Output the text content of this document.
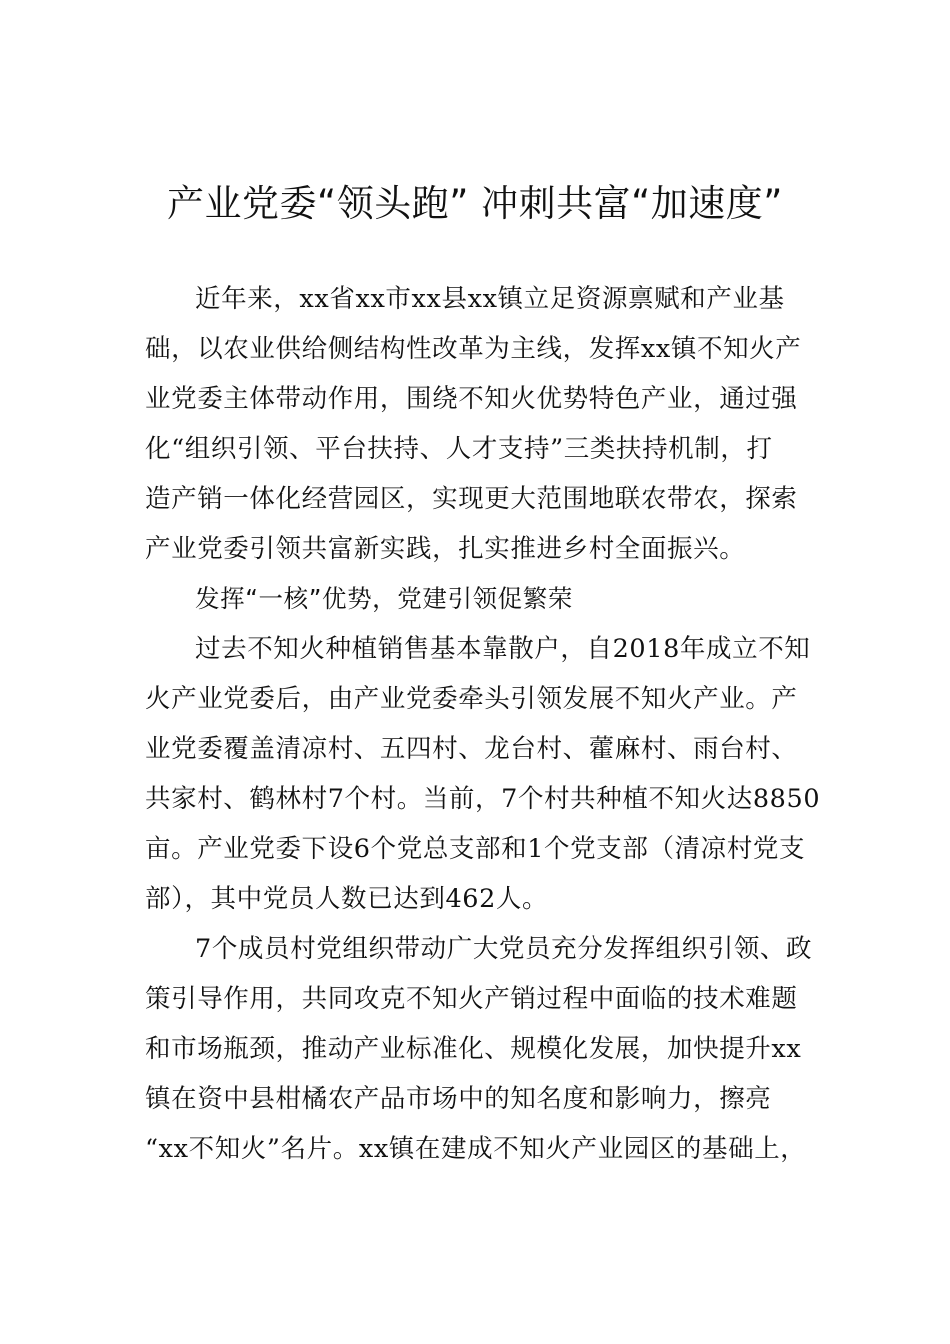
产业党委“领头跑” 冲刺共富“加速度”
近年来，xx省xx市xx县xx镇立足资源禀赋和产业基
础，以农业供给侧结构性改革为主线，发挥xx镇不知火产
业党委主体带动作用，围绕不知火优势特色产业，通过强
化“组织引领、平台扶持、人才支持”三类扶持机制，打
造产销一体化经营园区，实现更大范围地联农带农，探索
产业党委引领共富新实践，扎实推进乡村全面振兴。
发挥“一核”优势，党建引领促繁荣
过去不知火种植销售基本靠散户，自2018年成立不知
火产业党委后，由产业党委牵头引领发展不知火产业。产
业党委覆盖清凉村、五四村、龙台村、藿麻村、雨台村、
共家村、鹤林村7个村。当前，7个村共种植不知火达8850
亩。产业党委下设6个党总支部和1个党支部（清凉村党支
部），其中党员人数已达到462人。
7个成员村党组织带动广大党员充分发挥组织引领、政
策引导作用，共同攻克不知火产销过程中面临的技术难题
和市场瓶颈，推动产业标准化、规模化发展，加快提升xx
镇在资中县柑橘农产品市场中的知名度和影响力，擦亮
“xx不知火”名片。xx镇在建成不知火产业园区的基础上，
